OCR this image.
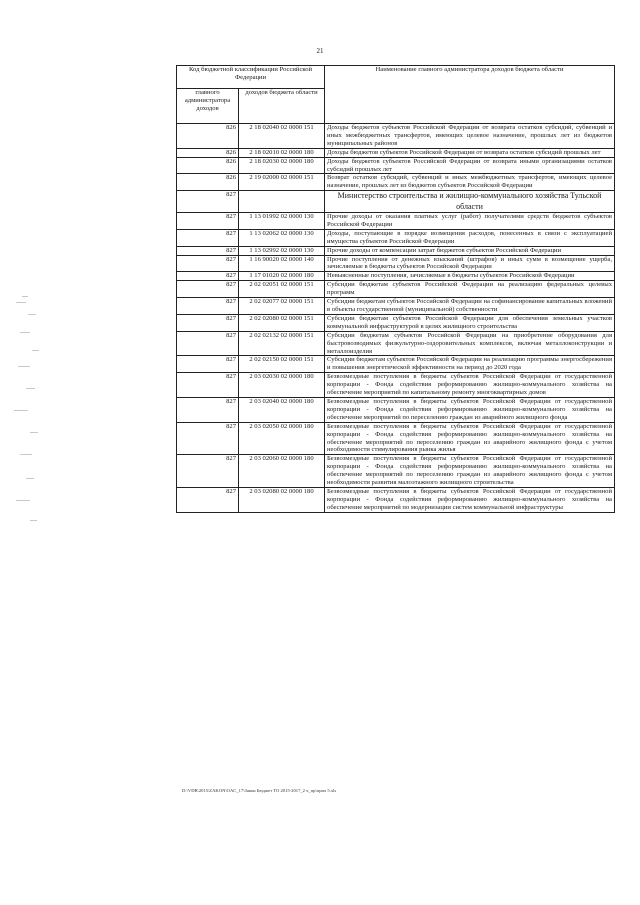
21
Код бюджетной классификации Российской Федерации		Наименование главного администратора доходов бюджета области
главного администратора доходов	доходов бюджета области	
826	2 18 02040 02 0000 151	Доходы бюджетов субъектов Российской Федерации от возврата остатков субсидий, субвенций и иных межбюджетных трансфертов, имеющих целевое назначение, прошлых лет из бюджетов муниципальных районов
826	2 18 02010 02 0000 180	Доходы бюджетов субъектов Российской Федерации от возврата остатков субсидий прошлых лет
826	2 18 02030 02 0000 180	Доходы бюджетов субъектов Российской Федерации от возврата иными организациями остатков субсидий прошлых лет
826	2 19 02000 02 0000 151	Возврат остатков субсидий, субвенций и иных межбюджетных трансфертов, имеющих целевое назначение, прошлых лет из бюджетов субъектов Российской Федерации
827		Министерство строительства и жилищно-коммунального хозяйства Тульской области
827	1 13 01992 02 0000 130	Прочие доходы от оказания платных услуг (работ) получателями средств бюджетов субъектов Российской Федерации
827	1 13 02062 02 0000 130	Доходы, поступающие в порядке возмещения расходов, понесенных в связи с эксплуатацией имущества субъектов Российской Федерации
827	1 13 02992 02 0000 130	Прочие доходы от компенсации затрат бюджетов субъектов Российской Федерации
827	1 16 90020 02 0000 140	Прочие поступления от денежных взысканий (штрафов) и иных сумм в возмещение ущерба, зачисляемые в бюджеты субъектов Российской Федерации
827	1 17 01020 02 0000 180	Невыясненные поступления, зачисляемые в бюджеты субъектов Российской Федерации
827	2 02 02051 02 0000 151	Субсидии бюджетам субъектов Российской Федерации на реализацию федеральных целевых программ
827	2 02 02077 02 0000 151	Субсидии бюджетам субъектов Российской Федерации на софинансирование капитальных вложений в объекты государственной (муниципальной) собственности
827	2 02 02080 02 0000 151	Субсидии бюджетам субъектов Российской Федерации для обеспечения земельных участков коммунальной инфраструктурой в целях жилищного строительства
827	2 02 02132 02 0000 151	Субсидии бюджетам субъектов Российской Федерации на приобретение оборудования для быстровозводимых физкультурно-оздоровительных комплексов, включая металлоконструкции и металлоизделия
827	2 02 02150 02 0000 151	Субсидии бюджетам субъектов Российской Федерации на реализацию программы энергосбережения и повышения энергетической эффективности на период до 2020 года
827	2 03 02030 02 0000 180	Безвозмездные поступления в бюджеты субъектов Российской Федерации от государственной корпорации - Фонда содействия реформированию жилищно-коммунального хозяйства на обеспечение мероприятий по капитальному ремонту многоквартирных домов
827	2 03 02040 02 0000 180	Безвозмездные поступления в бюджеты субъектов Российской Федерации от государственной корпорации - Фонда содействия реформированию жилищно-коммунального хозяйства на обеспечение мероприятий по переселению граждан из аварийного жилищного фонда
827	2 03 02050 02 0000 180	Безвозмездные поступления в бюджеты субъектов Российской Федерации от государственной корпорации - Фонда содействия реформированию жилищно-коммунального хозяйства на обеспечение мероприятий по переселению граждан из аварийного жилищного фонда с учетом необходимости стимулирования рынка жилья
827	2 03 02060 02 0000 180	Безвозмездные поступления в бюджеты субъектов Российской Федерации от государственной корпорации - Фонда содействия реформированию жилищно-коммунального хозяйства на обеспечение мероприятий по переселению граждан из аварийного жилищного фонда с учетом необходимости развития малоэтажного жилищного строительства
827	2 03 02080 02 0000 180	Безвозмездные поступления в бюджеты субъектов Российской Федерации от государственной корпорации - Фонда содействия реформированию жилищно-коммунального хозяйства на обеспечение мероприятий по модернизации систем коммунальной инфраструктуры
D:\VDB\2015\ZAKON\OAC_17\Закон Бюджет ТО 2015-2017_2 ч_пр\прил 5.xls
